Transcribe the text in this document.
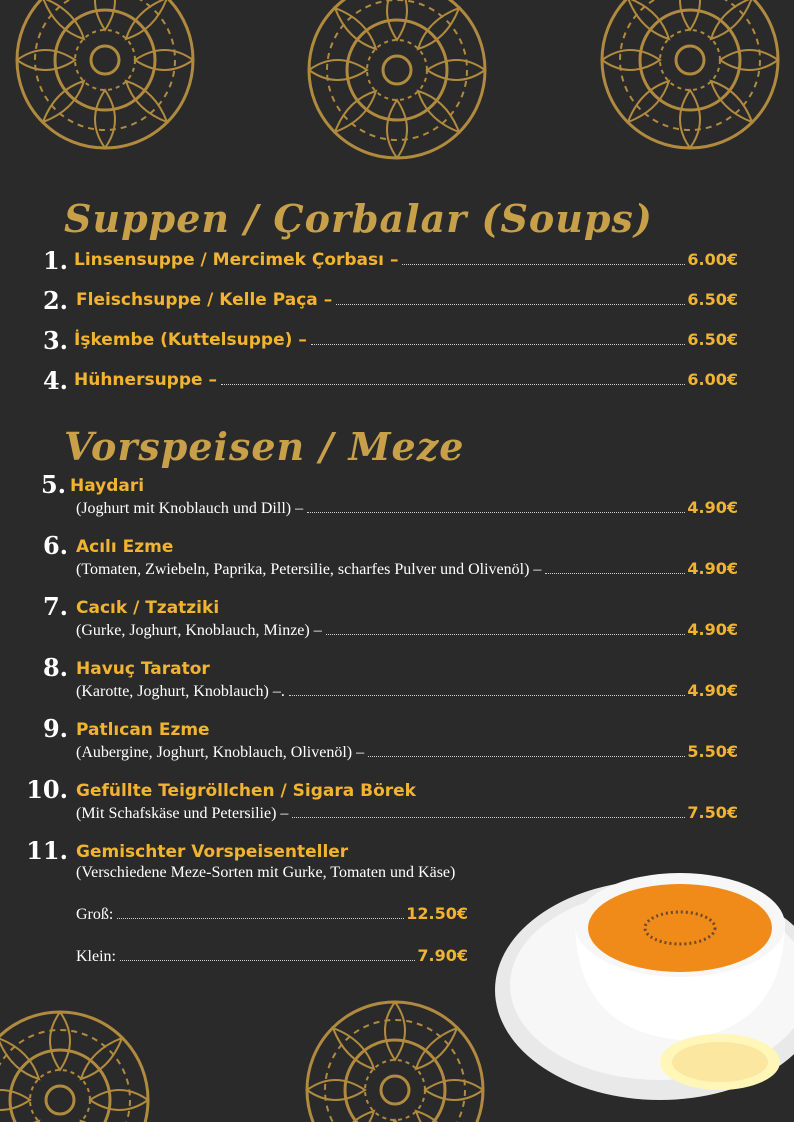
Suppen / Çorbalar (Soups)
1. Linsensuppe / Mercimek Çorbası –	6.00€
2. Fleischsuppe / Kelle Paça –	6.50€
3. İşkembe (Kuttelsuppe) –	6.50€
4. Hühnersuppe –	6.00€
Vorspeisen / Meze
5. Haydari
(Joghurt mit Knoblauch und Dill) –	4.90€
6. Acılı Ezme
(Tomaten, Zwiebeln, Paprika, Petersilie, scharfes Pulver und Olivenöl) –	4.90€
7. Cacık / Tzatziki
(Gurke, Joghurt, Knoblauch, Minze) –	4.90€
8. Havuç Tarator
(Karotte, Joghurt, Knoblauch) –.	4.90€
9. Patlıcan Ezme
(Aubergine, Joghurt, Knoblauch, Olivenöl) –	5.50€
10. Gefüllte Teigröllchen / Sigara Börek
(Mit Schafskäse und Petersilie) –	7.50€
11. Gemischter Vorspeisenteller
(Verschiedene Meze-Sorten mit Gurke, Tomaten und Käse)
Groß:	12.50€
Klein:	7.90€
